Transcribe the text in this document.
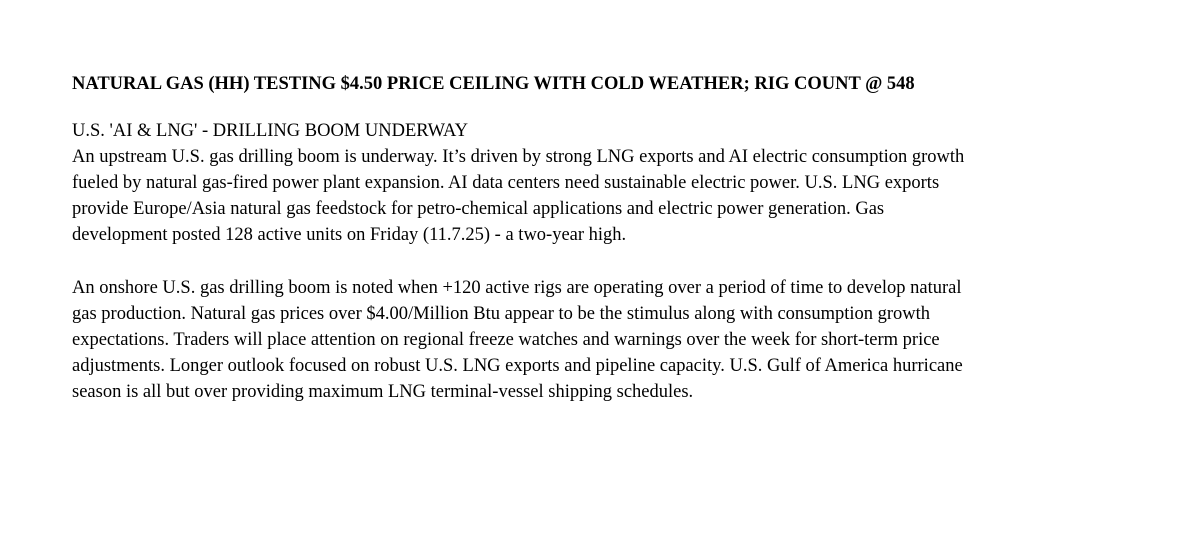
NATURAL GAS (HH) TESTING $4.50 PRICE CEILING WITH COLD WEATHER; RIG COUNT @ 548
U.S. 'AI & LNG' - DRILLING BOOM UNDERWAY
An upstream U.S. gas drilling boom is underway. It’s driven by strong LNG exports and AI electric consumption growth
fueled by natural gas-fired power plant expansion. AI data centers need sustainable electric power. U.S. LNG exports
provide Europe/Asia natural gas feedstock for petro-chemical applications and electric power generation. Gas
development posted 128 active units on Friday (11.7.25) - a two-year high.
An onshore U.S. gas drilling boom is noted when +120 active rigs are operating over a period of time to develop natural
gas production. Natural gas prices over $4.00/Million Btu appear to be the stimulus along with consumption growth
expectations. Traders will place attention on regional freeze watches and warnings over the week for short-term price
adjustments. Longer outlook focused on robust U.S. LNG exports and pipeline capacity. U.S. Gulf of America hurricane
season is all but over providing maximum LNG terminal-vessel shipping schedules.
